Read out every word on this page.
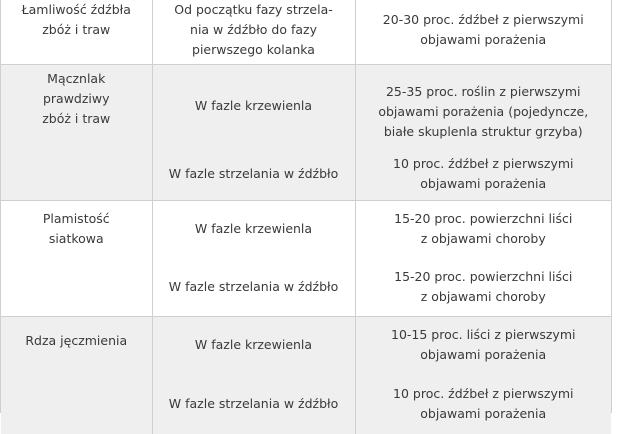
Łamliwość źdźbła
zbóż i traw	Od początku fazy strzela-
nia w źdźbło do fazy
pierwszego kolanka	20-30 proc. źdźbeł z pierwszymi
objawami porażenia

Mącznlak
prawdziwy
zbóż i traw	W fazle krzewienla	25-35 proc. roślin z pierwszymi
objawami porażenia (pojedyncze,
białe skuplenla struktur grzyba)

	W fazle strzelania w źdźbło	10 proc. źdźbeł z pierwszymi
objawami porażenia

Plamistość
siatkowa	W fazle krzewienla	15-20 proc. powierzchni liści
z objawami choroby

	W fazle strzelania w źdźbło	15-20 proc. powierzchni liści
z objawami choroby

Rdza jęczmienia	W fazle krzewienla	10-15 proc. liści z pierwszymi
objawami porażenia

	W fazle strzelania w źdźbło	10 proc. źdźbeł z pierwszymi
objawami porażenia
